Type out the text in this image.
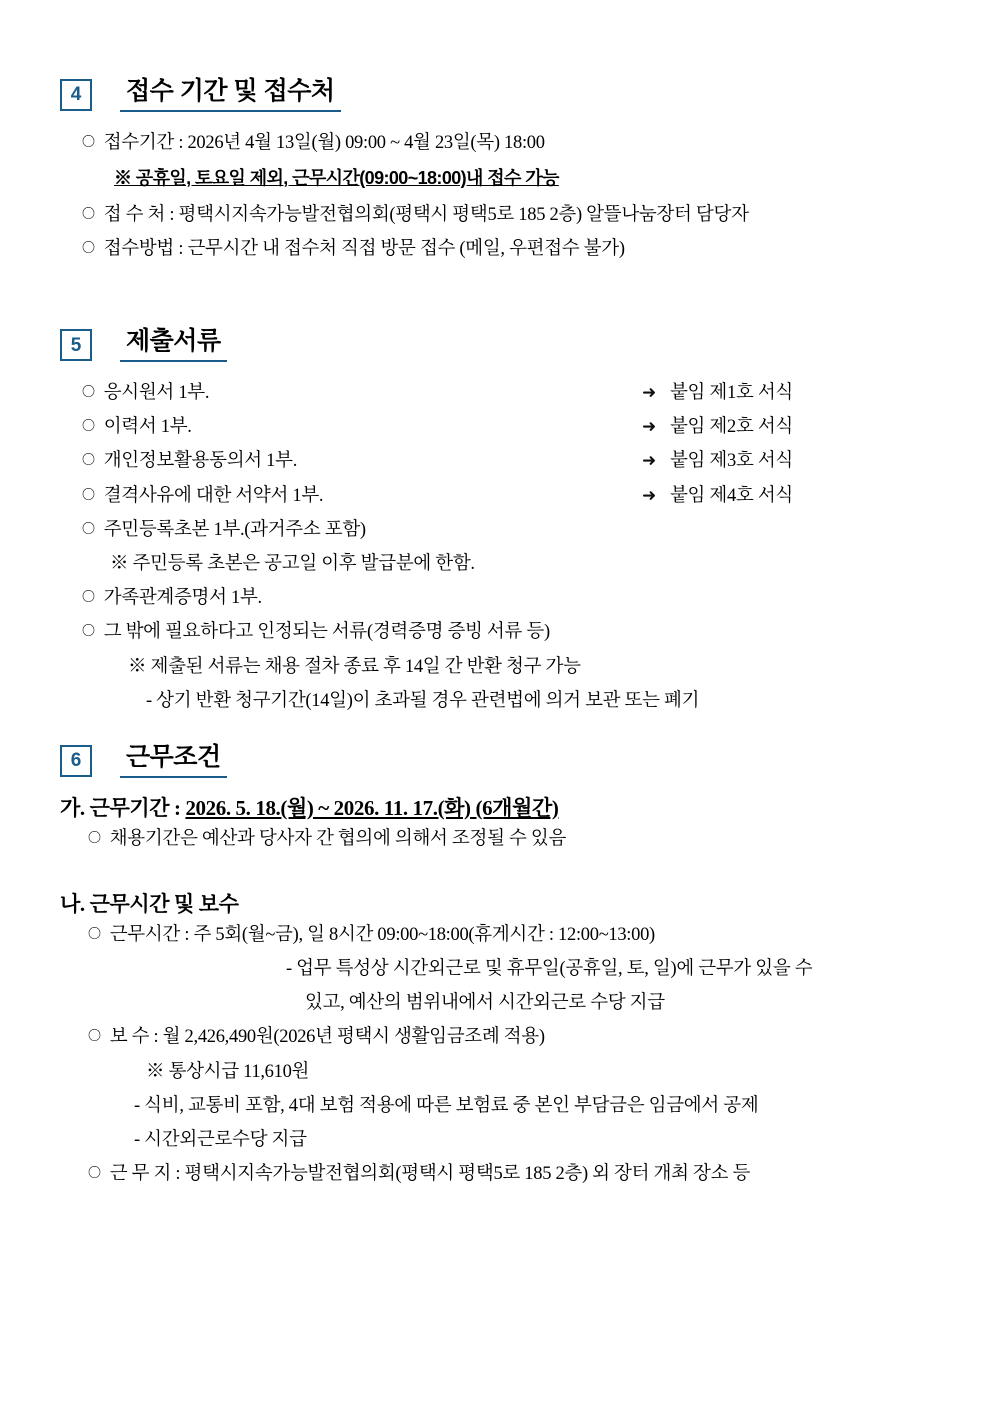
4	접수 기간 및 접수처
〇 접수기간 : 2026년 4월 13일(월) 09:00 ~ 4월 23일(목) 18:00
※ 공휴일, 토요일 제외, 근무시간(09:00~18:00)내 접수 가능
〇 접 수 처 : 평택시지속가능발전협의회(평택시 평택5로 185 2층) 알뜰나눔장터 담당자
〇 접수방법 : 근무시간 내 접수처 직접 방문 접수 (메일, 우편접수 불가)
5	제출서류
〇 응시원서 1부.	➜ 붙임 제1호 서식
〇 이력서 1부.	➜ 붙임 제2호 서식
〇 개인정보활용동의서 1부.	➜ 붙임 제3호 서식
〇 결격사유에 대한 서약서 1부.	➜ 붙임 제4호 서식
〇 주민등록초본 1부.(과거주소 포함)
※ 주민등록 초본은 공고일 이후 발급분에 한함.
〇 가족관계증명서 1부.
〇 그 밖에 필요하다고 인정되는 서류(경력증명 증빙 서류 등)
※ 제출된 서류는 채용 절차 종료 후 14일 간 반환 청구 가능
- 상기 반환 청구기간(14일)이 초과될 경우 관련법에 의거 보관 또는 폐기
6	근무조건
가. 근무기간 : 2026. 5. 18.(월) ~ 2026. 11. 17.(화) (6개월간)
〇 채용기간은 예산과 당사자 간 협의에 의해서 조정될 수 있음
나. 근무시간 및 보수
〇 근무시간 : 주 5회(월~금), 일 8시간 09:00~18:00(휴게시간 : 12:00~13:00)
- 업무 특성상 시간외근로 및 휴무일(공휴일, 토, 일)에 근무가 있을 수
있고, 예산의 범위내에서 시간외근로 수당 지급
〇 보 수 : 월 2,426,490원(2026년 평택시 생활임금조례 적용)
※ 통상시급 11,610원
- 식비, 교통비 포함, 4대 보험 적용에 따른 보험료 중 본인 부담금은 임금에서 공제
- 시간외근로수당 지급
〇 근 무 지 : 평택시지속가능발전협의회(평택시 평택5로 185 2층) 외 장터 개최 장소 등
